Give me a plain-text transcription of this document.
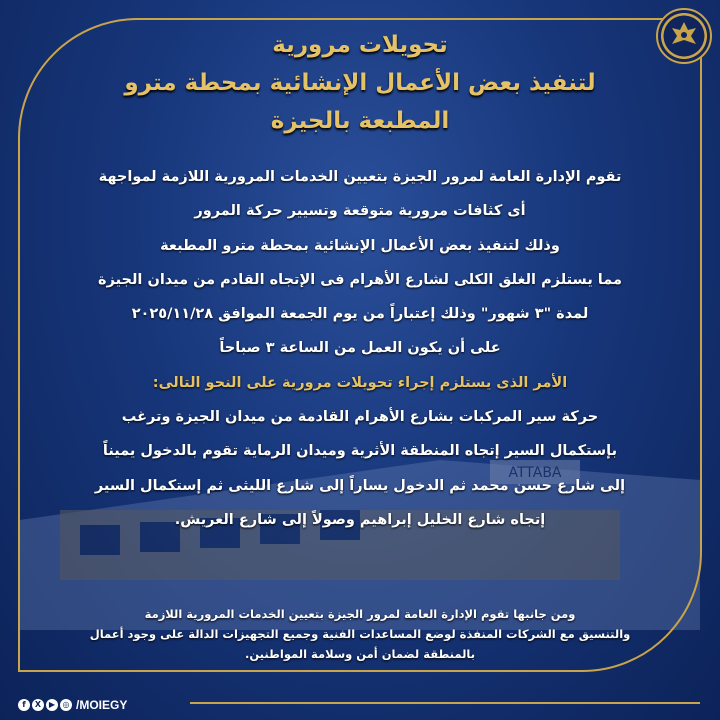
ATTABA
تحويلات مرورية
لتنفيذ بعض الأعمال الإنشائية بمحطة مترو
المطبعة بالجيزة
تقوم الإدارة العامة لمرور الجيزة بتعيين الخدمات المرورية اللازمة لمواجهة
أى كثافات مرورية متوقعة وتسيير حركة المرور
وذلك لتنفيذ بعض الأعمال الإنشائية بمحطة مترو المطبعة
مما يستلزم الغلق الكلى لشارع الأهرام فى الإتجاه القادم من ميدان الجيزة
لمدة "٣ شهور" وذلك إعتباراً من يوم الجمعة الموافق ٢٠٢٥/١١/٢٨
على أن يكون العمل من الساعة ٣ صباحاً
الأمر الذى يستلزم إجراء تحويلات مرورية على النحو التالى:
حركة سير المركبات بشارع الأهرام القادمة من ميدان الجيزة وترغب
بإستكمال السير إتجاه المنطقة الأثرية وميدان الرماية تقوم بالدخول يميناً
إلى شارع حسن محمد ثم الدخول يساراً إلى شارع الليثى ثم إستكمال السير
إتجاه شارع الخليل إبراهيم وصولاً إلى شارع العريش.
ومن جانبها تقوم الإدارة العامة لمرور الجيزة بتعيين الخدمات المرورية اللازمة
والتنسيق مع الشركات المنفذة لوضع المساعدات الفنية وجميع التجهيزات الدالة على وجود أعمال
بالمنطقة لضمان أمن وسلامة المواطنين.
f	X ▶ ◎ /MOIEGY
